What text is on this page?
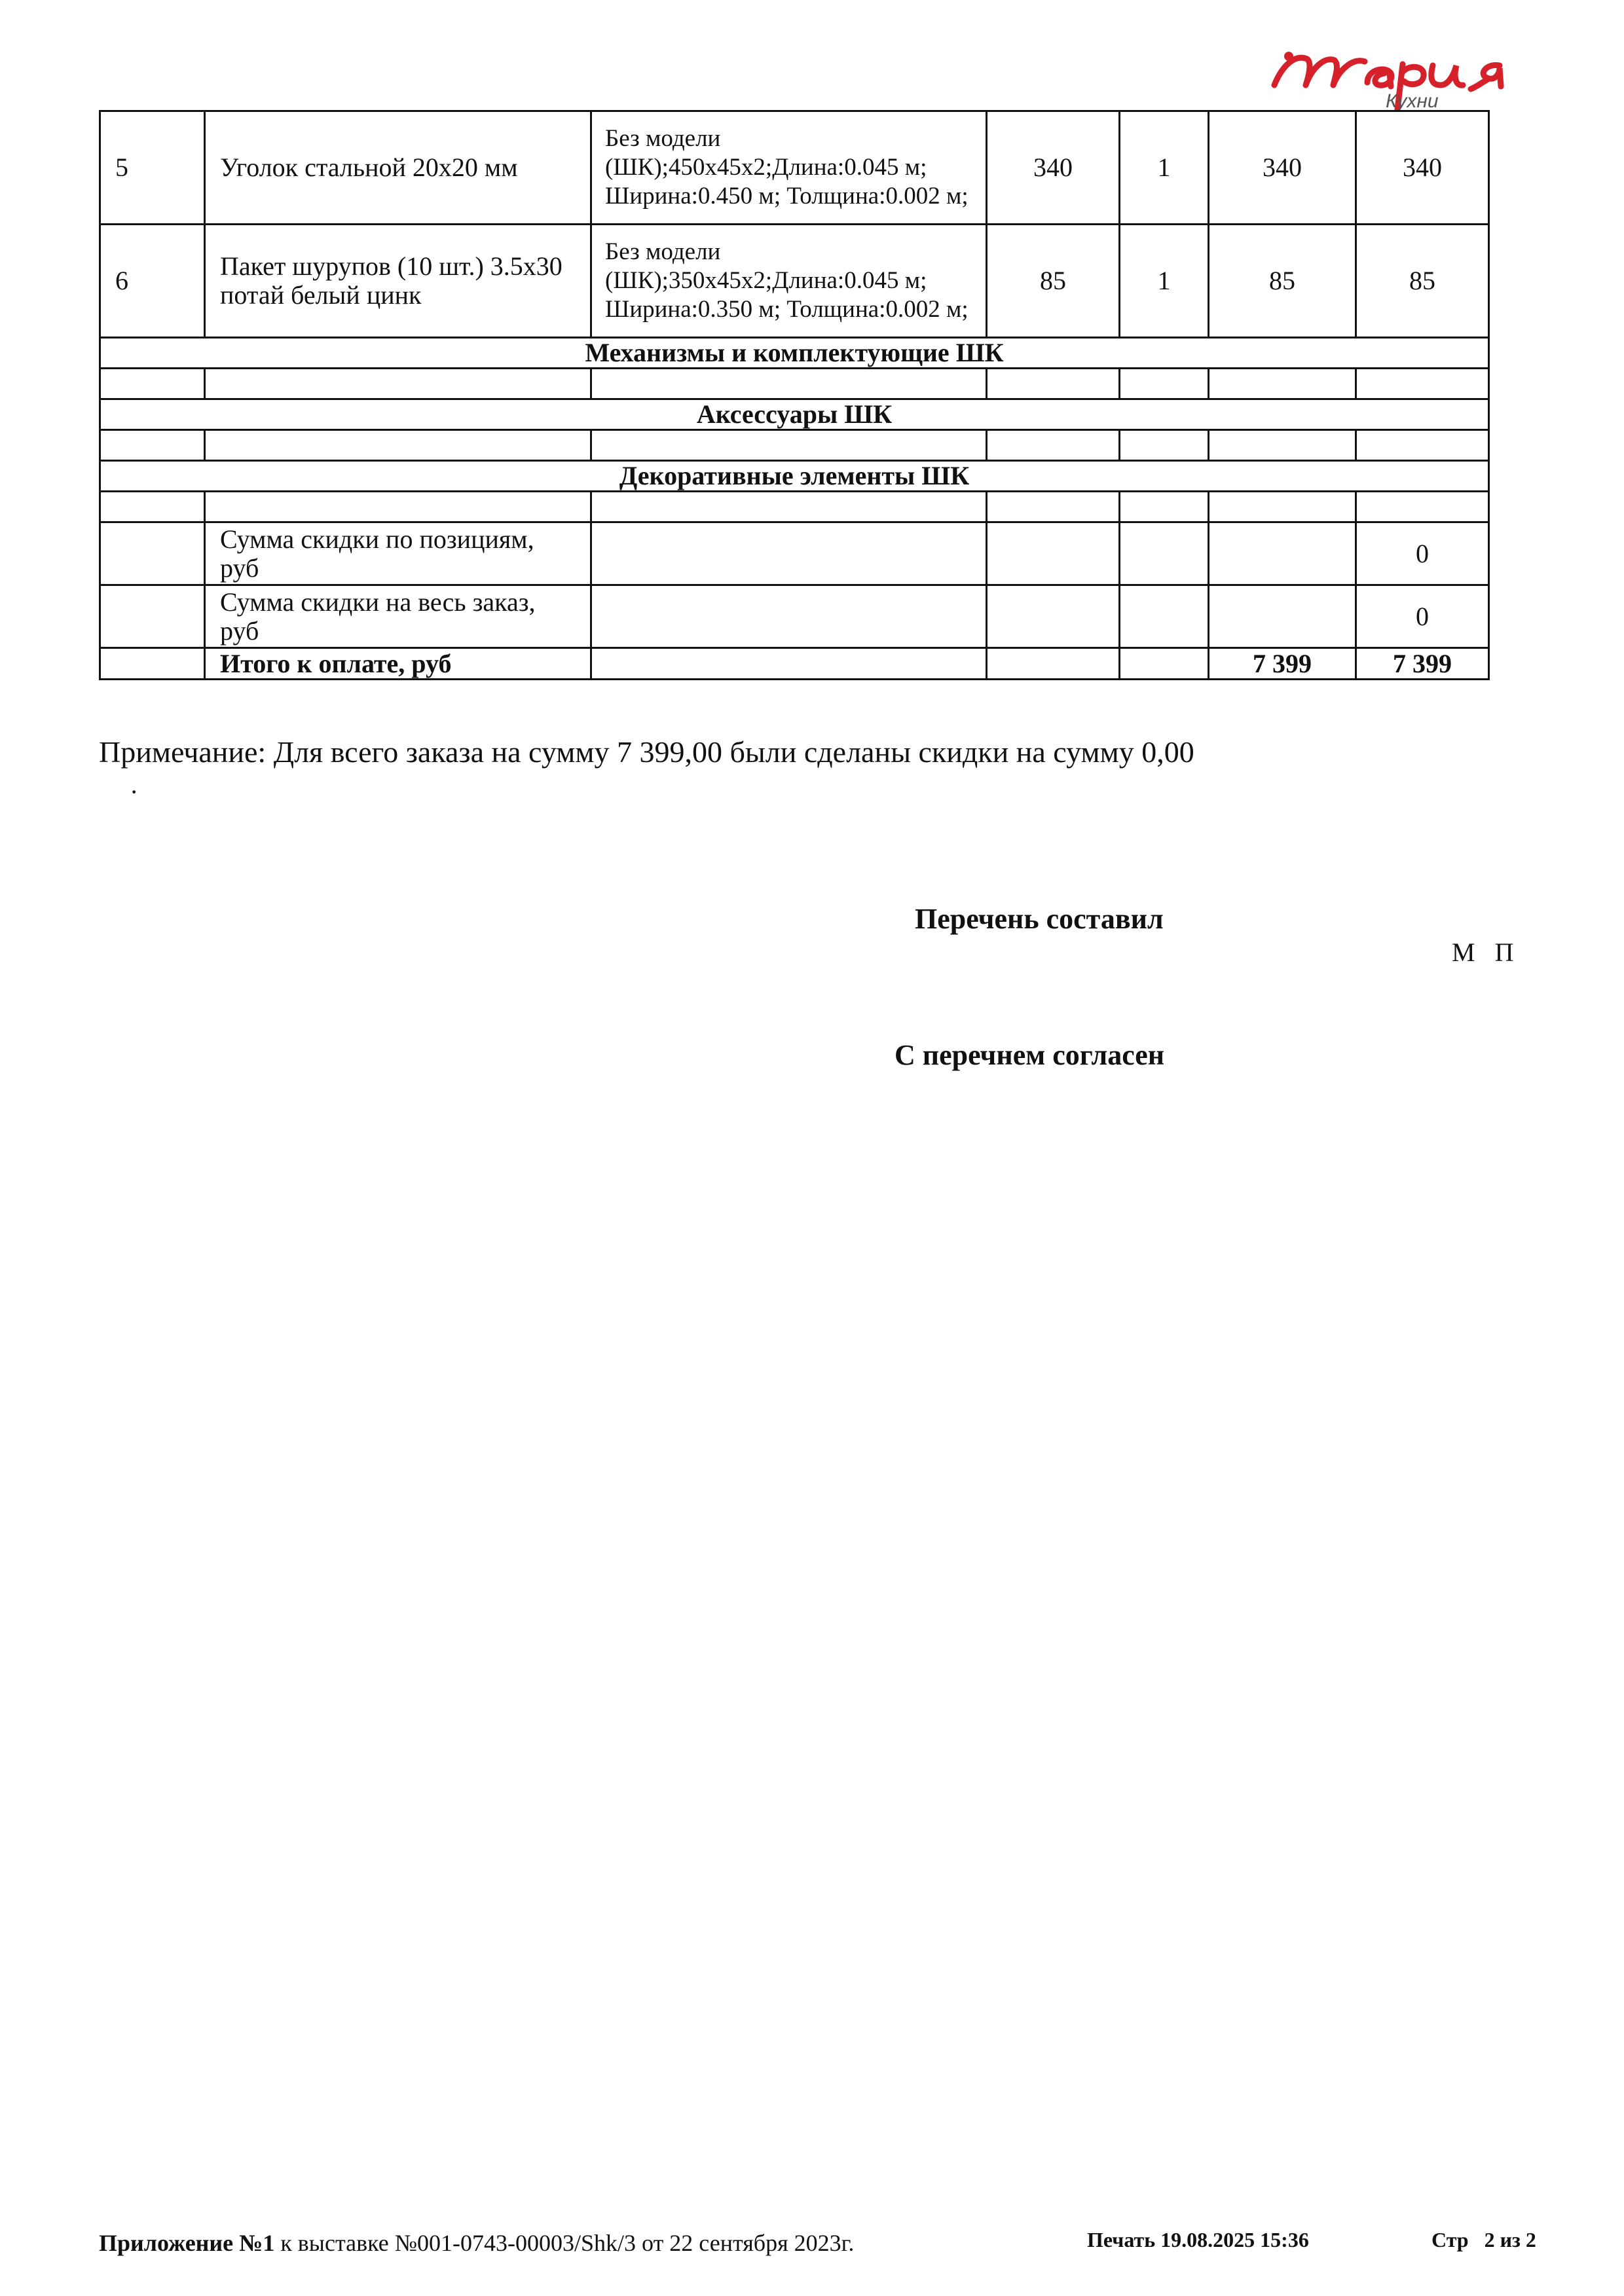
Кухни
5	Уголок стальной 20х20 мм	Без модели (ШК);450х45х2;Длина:0.045 м; Ширина:0.450 м; Толщина:0.002 м;	340	1	340	340
6	Пакет шурупов (10 шт.) 3.5х30 потай белый цинк	Без модели (ШК);350х45х2;Длина:0.045 м; Ширина:0.350 м; Толщина:0.002 м;	85	1	85	85
Механизмы и комплектующие ШК						

Аксессуары ШК						

Декоративные элементы ШК						

	Сумма скидки по позициям, руб					0
	Сумма скидки на весь заказ, руб					0
	Итого к оплате, руб				7 399	7 399
Примечание: Для всего заказа на сумму 7 399,00 были сделаны скидки на сумму 0,00
·
Перечень составил
М П
С перечнем согласен
Приложение №1 к выставке №001-0743-00003/Shk/3 от 22 сентября 2023г.	Печать 19.08.2025 15:36	Стр 2 из 2
